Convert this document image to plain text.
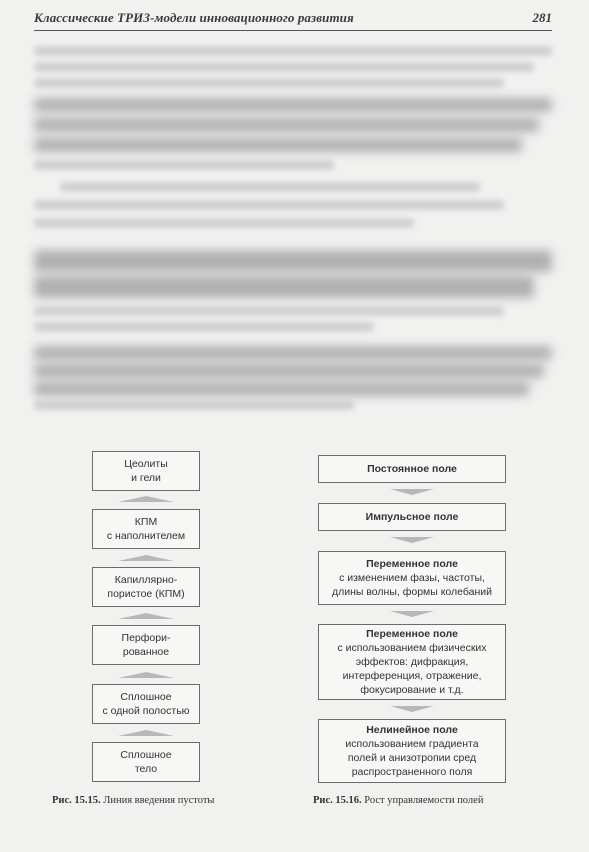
Классические ТРИЗ-модели инновационного развития	281
Цеолиты
и гели
КПМ
с наполнителем
Капиллярно-
пористое (КПМ)
Перфори-
рованное
Сплошное
с одной полостью
Сплошное
тело
Рис. 15.15. Линия введения пустоты
Постоянное поле
Импульсное поле
Переменное поле
с изменением фазы, частоты,
длины волны, формы колебаний
Переменное поле
с использованием физических
эффектов: дифракция,
интерференция, отражение,
фокусирование и т.д.
Нелинейное поле
использованием градиента
полей и анизотропии сред
распространенного поля
Рис. 15.16. Рост управляемости полей
